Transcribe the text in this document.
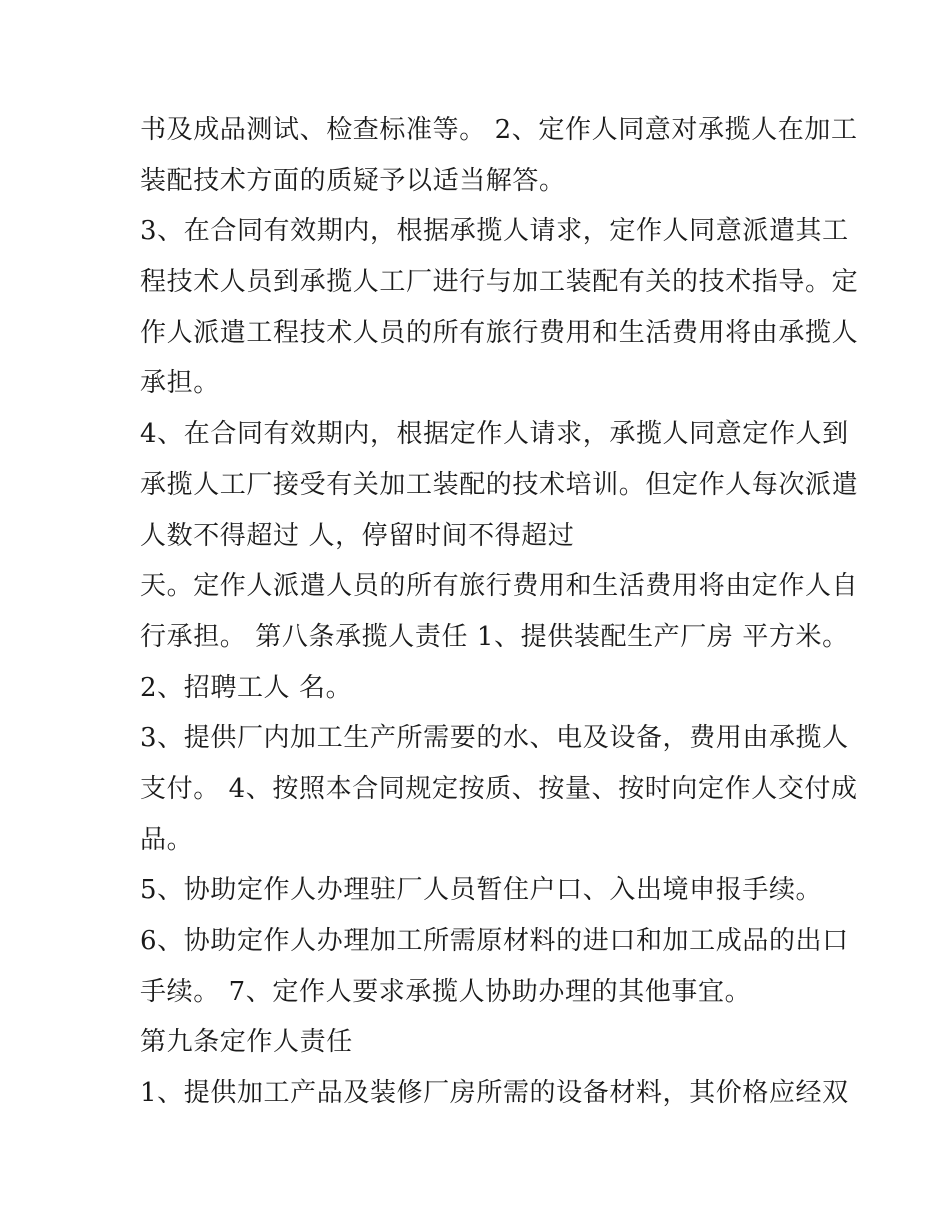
书及成品测试、检查标准等。 2、定作人同意对承揽人在加工
装配技术方面的质疑予以适当解答。
3、在合同有效期内，根据承揽人请求，定作人同意派遣其工
程技术人员到承揽人工厂进行与加工装配有关的技术指导。定
作人派遣工程技术人员的所有旅行费用和生活费用将由承揽人
承担。
4、在合同有效期内，根据定作人请求，承揽人同意定作人到
承揽人工厂接受有关加工装配的技术培训。但定作人每次派遣
人数不得超过 人，停留时间不得超过
天。定作人派遣人员的所有旅行费用和生活费用将由定作人自
行承担。 第八条承揽人责任 1、提供装配生产厂房 平方米。
2、招聘工人 名。
3、提供厂内加工生产所需要的水、电及设备，费用由承揽人
支付。 4、按照本合同规定按质、按量、按时向定作人交付成
品。
5、协助定作人办理驻厂人员暂住户口、入出境申报手续。
6、协助定作人办理加工所需原材料的进口和加工成品的出口
手续。 7、定作人要求承揽人协助办理的其他事宜。
第九条定作人责任
1、提供加工产品及装修厂房所需的设备材料，其价格应经双
